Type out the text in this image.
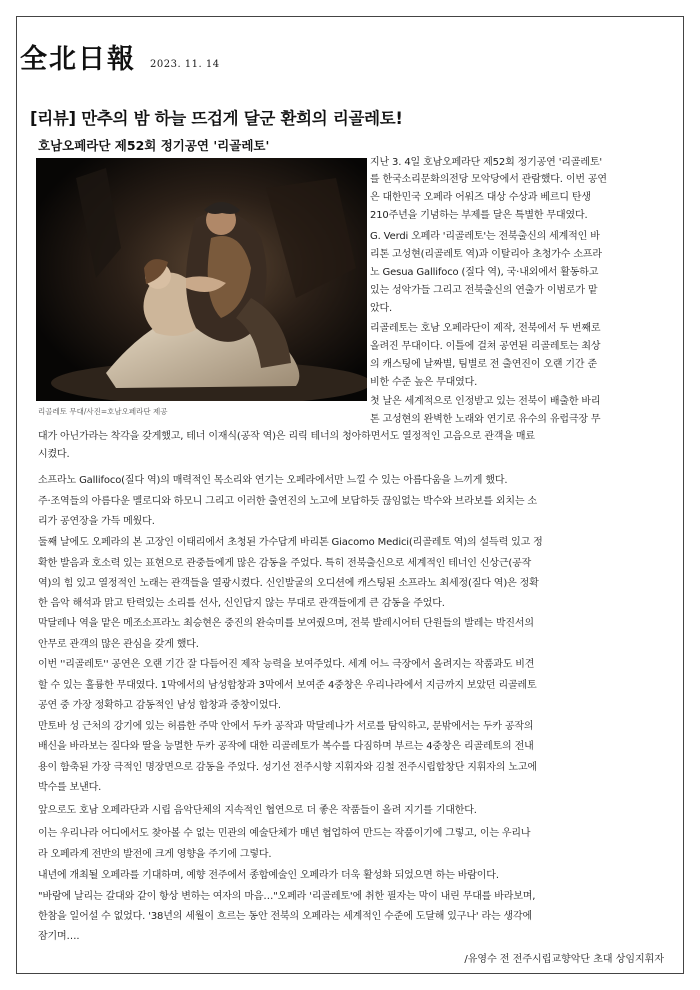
全北日報 2023. 11. 14
[리뷰] 만추의 밤 하늘 뜨겁게 달군 환희의 리골레토!
호남오페라단 제52회 정기공연 '리골레토'
리골레토 무대/사진=호남오페라단 제공

지난 3. 4일 호남오페라단 제52회 정기공연 '리골레토'

를 한국소리문화의전당 모악당에서 관람했다. 이번 공연

은 대한민국 오페라 어워즈 대상 수상과 베르디 탄생

210주년을 기념하는 부제를 달은 특별한 무대였다.

G. Verdi 오페라 '리골레토'는 전북출신의 세계적인 바

리톤 고성현(리골레토 역)과 이탈리아 초청가수 소프라

노 Gesua Gallifoco (질다 역), 국·내외에서 활동하고

있는 성악가들 그리고 전북출신의 연출가 이범로가 맡

았다.

리골레토는 호남 오페라단이 제작, 전북에서 두 번째로

올려진 무대이다. 이틀에 걸쳐 공연된 리골레토는 최상

의 캐스팅에 날짜별, 팀별로 전 출연진이 오랜 기간 준

비한 수준 높은 무대였다.

첫 날은 세계적으로 인정받고 있는 전북이 배출한 바리

톤 고성현의 완벽한 노래와 연기로 유수의 유럽극장 무

대가 아닌가라는 착각을 갖게했고, 테너 이재식(공작 역)은 리릭 테너의 청아하면서도 열정적인 고음으로 관객을 매료

시켰다.

소프라노 Gallifoco(질다 역)의 매력적인 목소리와 연기는 오페라에서만 느낄 수 있는 아름다움을 느끼게 했다.

주·조역들의 아름다운 멜로디와 하모니 그리고 이러한 출연진의 노고에 보답하듯 끊임없는 박수와 브라보를 외치는 소

리가 공연장을 가득 메웠다.

둘째 날에도 오페라의 본 고장인 이태리에서 초청된 가수답게 바리톤 Giacomo Medici(리골레토 역)의 설득력 있고 정

확한 발음과 호소력 있는 표현으로 관중들에게 많은 감동을 주었다. 특히 전북출신으로 세계적인 테너인 신상근(공작

역)의 힘 있고 열정적인 노래는 관객들을 열광시켰다. 신인발굴의 오디션에 캐스팅된 소프라노 최세정(질다 역)은 정확

한 음악 해석과 맑고 탄력있는 소리를 선사, 신인답지 않는 무대로 관객들에게 큰 감동을 주었다.

막달레나 역을 맡은 메조소프라노 최승현은 중진의 완숙미를 보여줬으며, 전북 발레시어터 단원들의 발레는 박진서의

안무로 관객의 많은 관심을 갖게 했다.

이번 ''리골레토'' 공연은 오랜 기간 잘 다듬어진 제작 능력을 보여주었다. 세계 어느 극장에서 올려지는 작품과도 비견

할 수 있는 훌륭한 무대였다. 1막에서의 남성합창과 3막에서 보여준 4중창은 우리나라에서 지금까지 보았던 리골레토

공연 중 가장 정확하고 감동적인 남성 합창과 중창이었다.

만토바 성 근처의 강기에 있는 허름한 주막 안에서 두카 공작과 막달레나가 서로를 탐익하고, 문밖에서는 두카 공작의

배신을 바라보는 질다와 딸을 능멸한 두카 공작에 대한 리골레토가 복수를 다짐하며 부르는 4중창은 리골레토의 전내

용이 함축된 가장 극적인 명장면으로 감동을 주었다. 성기선 전주시향 지휘자와 김철 전주시립합창단 지휘자의 노고에

박수를 보낸다.

앞으로도 호남 오페라단과 시립 음악단체의 지속적인 협연으로 더 좋은 작품들이 올려 지기를 기대한다.

이는 우리나라 어디에서도 찾아볼 수 없는 민관의 예술단체가 매년 협업하여 만드는 작품이기에 그렇고, 이는 우리나

라 오페라계 전반의 발전에 크게 영향을 주기에 그렇다.

내년에 개최될 오페라를 기대하며, 예향 전주에서 종합예술인 오페라가 더욱 활성화 되었으면 하는 바람이다.

"바람에 날리는 갈대와 같이 항상 변하는 여자의 마음…"오페라 '리골레토'에 취한 필자는 막이 내린 무대를 바라보며,

한참을 일어설 수 없었다. '38년의 세월이 흐르는 동안 전북의 오페라는 세계적인 수준에 도달해 있구나' 라는 생각에

잠기며….

/유영수 전 전주시립교향악단 초대 상임지휘자
